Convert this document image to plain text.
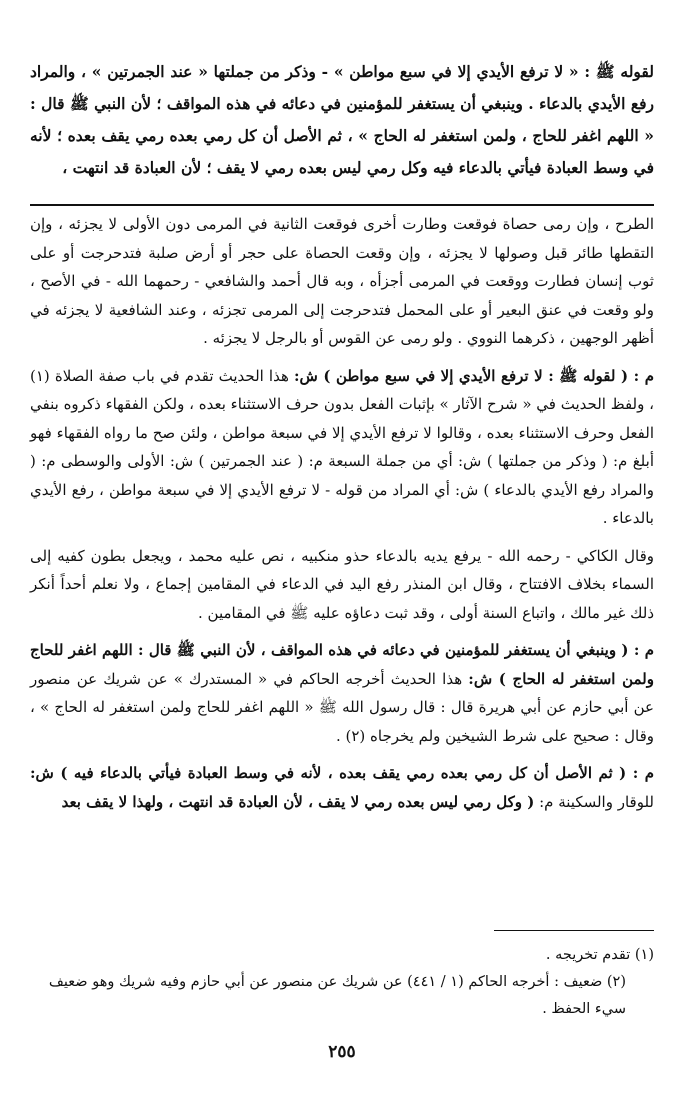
لقوله ﷺ : « لا ترفع الأيدي إلا في سبع مواطن » - وذكر من جملتها « عند الجمرتين » ، والمراد رفع الأيدي بالدعاء . وينبغي أن يستغفر للمؤمنين في دعائه في هذه المواقف ؛ لأن النبي ﷺ قال : « اللهم اغفر للحاج ، ولمن استغفر له الحاج » ، ثم الأصل أن كل رمي بعده رمي يقف بعده ؛ لأنه في وسط العبادة فيأتي بالدعاء فيه وكل رمي ليس بعده رمي لا يقف ؛ لأن العبادة قد انتهت ،

الطرح ، وإن رمى حصاة فوقعت وطارت أخرى فوقعت الثانية في المرمى دون الأولى لا يجزئه ، وإن التقطها طائر قبل وصولها لا يجزئه ، وإن وقعت الحصاة على حجر أو أرض صلبة فتدحرجت أو على ثوب إنسان فطارت ووقعت في المرمى أجزأه ، وبه قال أحمد والشافعي - رحمهما الله - في الأصح ، ولو وقعت في عنق البعير أو على المحمل فتدحرجت إلى المرمى تجزئه ، وعند الشافعية لا يجزئه في أظهر الوجهين ، ذكرهما النووي . ولو رمى عن القوس أو بالرجل لا يجزئه .

م : ( لقوله ﷺ : لا ترفع الأيدي إلا في سبع مواطن ) ش: هذا الحديث تقدم في باب صفة الصلاة (١) ، ولفظ الحديث في « شرح الآثار » بإثبات الفعل بدون حرف الاستثناء بعده ، ولكن الفقهاء ذكروه بنفي الفعل وحرف الاستثناء بعده ، وقالوا لا ترفع الأيدي إلا في سبعة مواطن ، ولئن صح ما رواه الفقهاء فهو أبلغ م: ( وذكر من جملتها ) ش: أي من جملة السبعة م: ( عند الجمرتين ) ش: الأولى والوسطى م: ( والمراد رفع الأيدي بالدعاء ) ش: أي المراد من قوله - لا ترفع الأيدي إلا في سبعة مواطن ، رفع الأيدي بالدعاء .

وقال الكاكي - رحمه الله - يرفع يديه بالدعاء حذو منكبيه ، نص عليه محمد ، ويجعل بطون كفيه إلى السماء بخلاف الافتتاح ، وقال ابن المنذر رفع اليد في الدعاء في المقامين إجماع ، ولا نعلم أحداً أنكر ذلك غير مالك ، واتباع السنة أولى ، وقد ثبت دعاؤه عليه ﷺ في المقامين .

م : ( وينبغي أن يستغفر للمؤمنين في دعائه في هذه المواقف ، لأن النبي ﷺ قال : اللهم اغفر للحاج ولمن استغفر له الحاج ) ش: هذا الحديث أخرجه الحاكم في « المستدرك » عن شريك عن منصور عن أبي حازم عن أبي هريرة قال : قال رسول الله ﷺ « اللهم اغفر للحاج ولمن استغفر له الحاج » ، وقال : صحيح على شرط الشيخين ولم يخرجاه (٢) .

م : ( ثم الأصل أن كل رمي بعده رمي يقف بعده ، لأنه في وسط العبادة فيأتي بالدعاء فيه ) ش: للوقار والسكينة م: ( وكل رمي ليس بعده رمي لا يقف ، لأن العبادة قد انتهت ، ولهذا لا يقف بعد

(١) تقدم تخريجه .

(٢) ضعيف : أخرجه الحاكم (١ / ٤٤١) عن شريك عن منصور عن أبي حازم وفيه شريك وهو ضعيف سيء الحفظ .

٢٥٥
